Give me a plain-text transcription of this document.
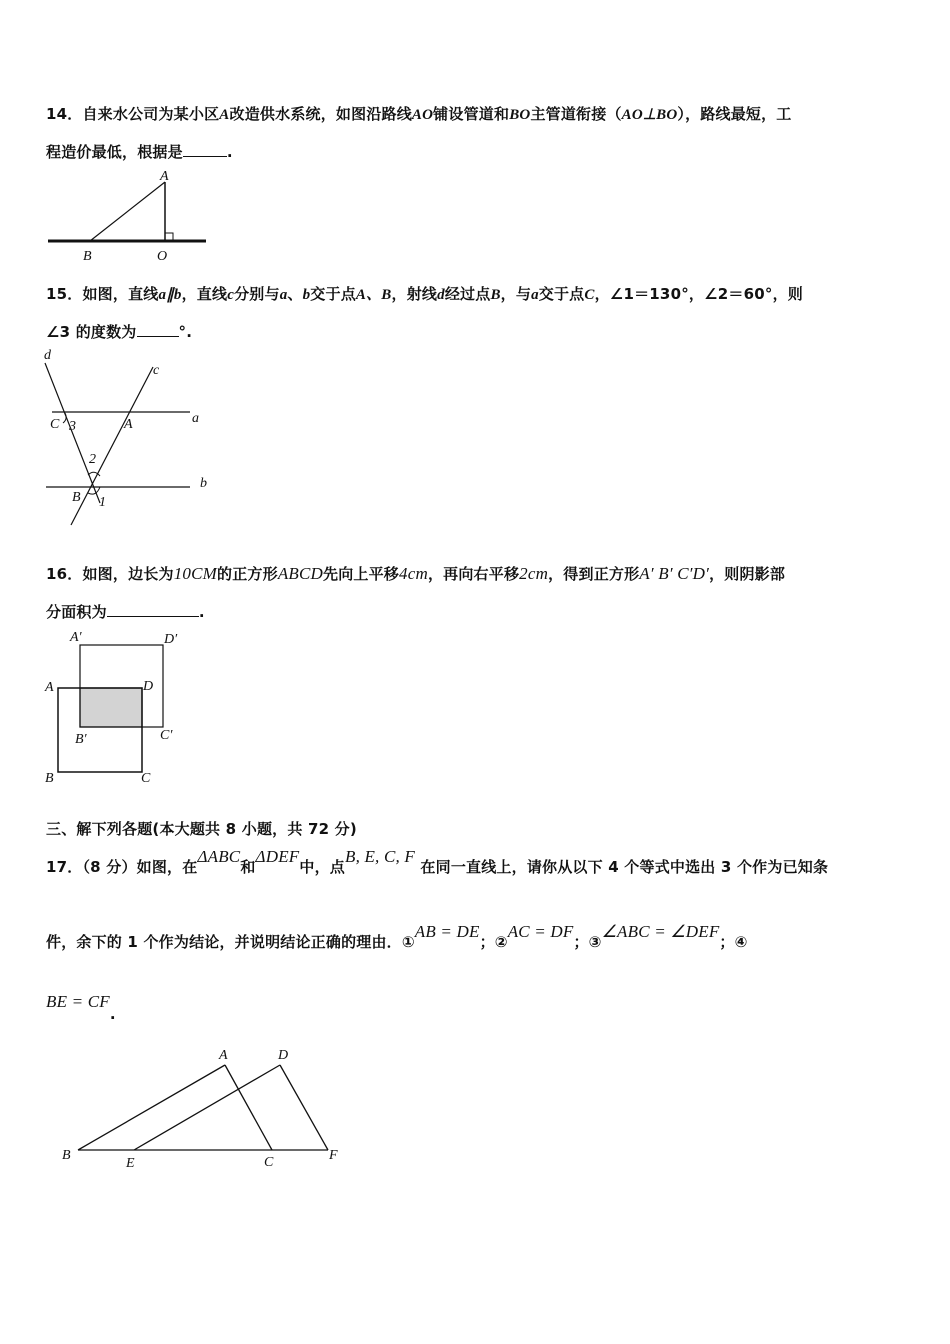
14．自来水公司为某小区A改造供水系统，如图沿路线AO铺设管道和BO主管道衔接（AO⊥BO），路线最短，工
程造价最低，根据是	.
A
B	O
15．如图，直线a∥b，直线c分别与a、b交于点A、B，射线d经过点B，与a交于点C，∠1＝130°，∠2＝60°，则
∠3 的度数为	°.
d
c
a
b
C 3	A
2
B 1
16．如图，边长为10CM的正方形ABCD先向上平移4cm，再向右平移2cm，得到正方形A′ B′ C′D′，则阴影部
分面积为	.
A′	D′
A	D
B′	C′
B	C
三、解下列各题(本大题共 8 小题，共 72 分)
17．（8 分）如图，在ΔABC和ΔDEF中，点B, E, C, F 在同一直线上，请你从以下 4 个等式中选出 3 个作为已知条
件，余下的 1 个作为结论，并说明结论正确的理由．①AB = DE；②AC = DF；③∠ABC = ∠DEF；④
BE = CF.
A	D
B
E	C	F
